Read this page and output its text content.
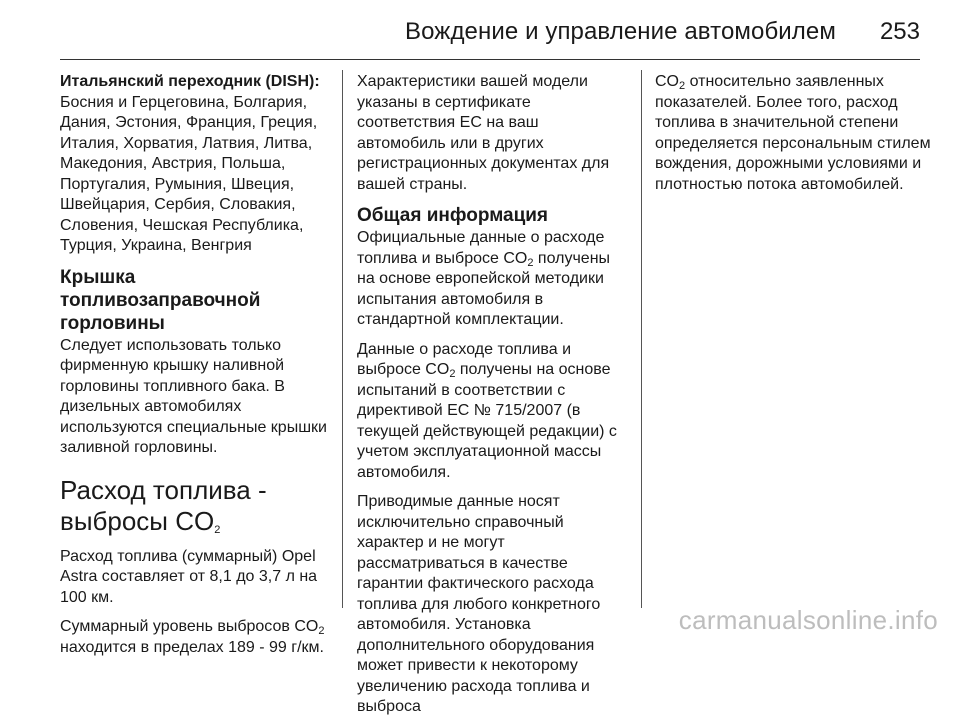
Вождение и управление автомобилем 253

Итальянский переходник (DISH): Босния и Герцеговина, Болгария, Дания, Эстония, Франция, Греция, Италия, Хорватия, Латвия, Литва, Македония, Австрия, Польша, Португалия, Румыния, Швеция, Швейцария, Сербия, Словакия, Словения, Чешская Республика, Турция, Украина, Венгрия

Крышка топливозаправочной горловины

Следует использовать только фирменную крышку наливной горловины топливного бака. В дизельных автомобилях используются специальные крышки заливной горловины.

Расход топлива -
выбросы $CO_2$

Расход топлива (суммарный) Opel Astra составляет от 8,1 до 3,7 л на 100 км.

Суммарный уровень выбросов $CO_2$ находится в пределах 189 - 99 г/км.

Характеристики вашей модели указаны в сертификате соответствия ЕС на ваш автомобиль или в других регистрационных документах для вашей страны.

Общая информация

Официальные данные о расходе топлива и выбросе $CO_2$ получены на основе европейской методики испытания автомобиля в стандартной комплектации.

Данные о расходе топлива и выбросе $CO_2$ получены на основе испытаний в соответствии с директивой ЕС № 715/2007 (в текущей действующей редакции) с учетом эксплуатационной массы автомобиля.

Приводимые данные носят исключительно справочный характер и не могут рассматриваться в качестве гарантии фактического расхода топлива для любого конкретного автомобиля. Установка дополнительного оборудования может привести к некоторому увеличению расхода топлива и выброса

$CO_2$ относительно заявленных показателей. Более того, расход топлива в значительной степени определяется персональным стилем вождения, дорожными условиями и плотностью потока автомобилей.

carmanualsonline.info
